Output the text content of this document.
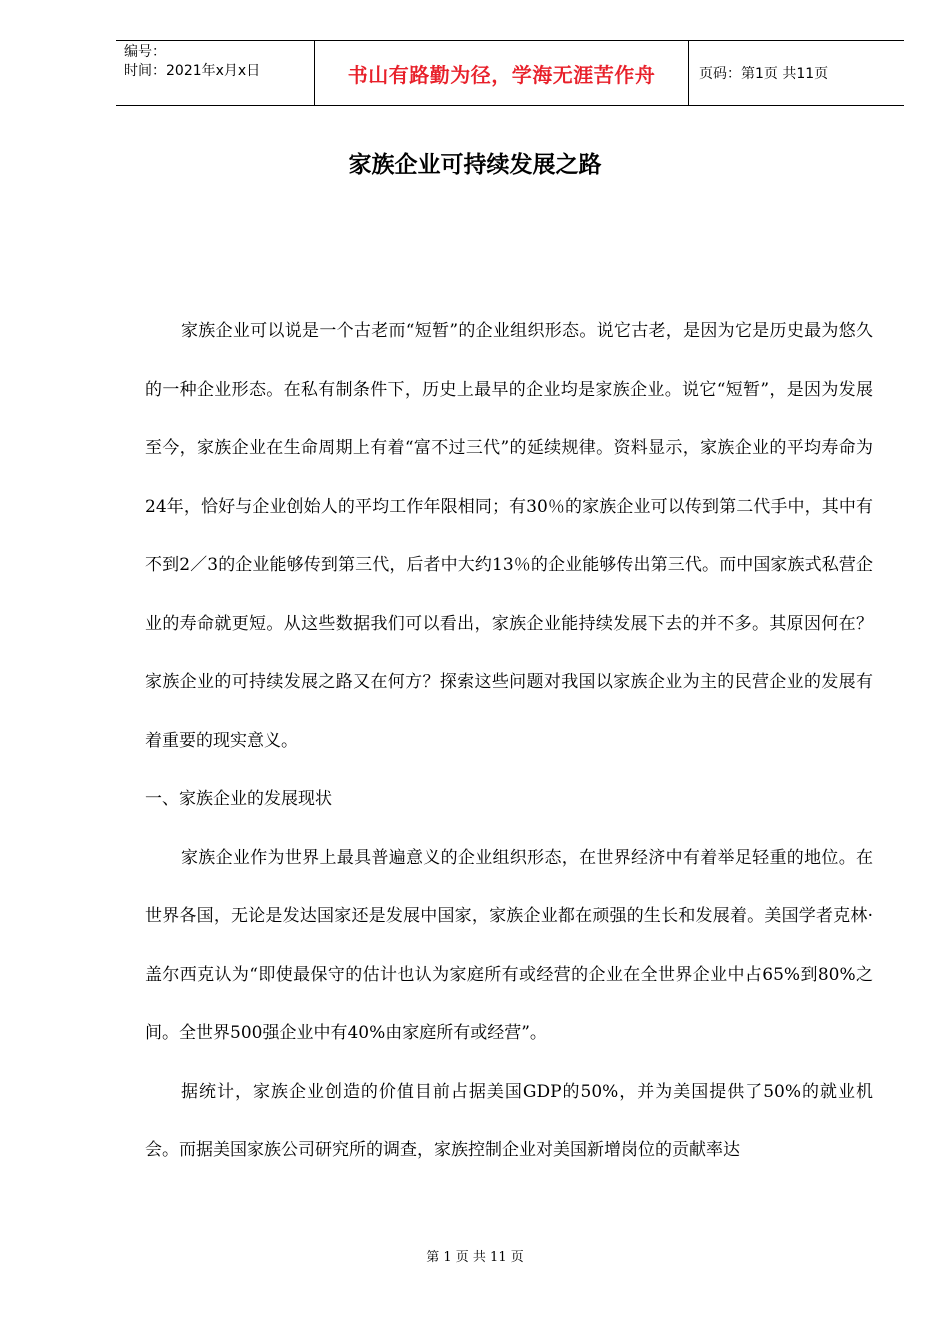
编号：
时间：2021年x月x日	书山有路勤为径，学海无涯苦作舟	页码：第1页 共11页
家族企业可持续发展之路

家族企业可以说是一个古老而“短暂”的企业组织形态。说它古老，是因为它是历史最为悠久的一种企业形态。在私有制条件下，历史上最早的企业均是家族企业。说它“短暂”，是因为发展至今，家族企业在生命周期上有着“富不过三代”的延续规律。资料显示，家族企业的平均寿命为24年，恰好与企业创始人的平均工作年限相同；有30％的家族企业可以传到第二代手中，其中有不到2／3的企业能够传到第三代，后者中大约13％的企业能够传出第三代。而中国家族式私营企业的寿命就更短。从这些数据我们可以看出，家族企业能持续发展下去的并不多。其原因何在？家族企业的可持续发展之路又在何方？探索这些问题对我国以家族企业为主的民营企业的发展有着重要的现实意义。

一、家族企业的发展现状

家族企业作为世界上最具普遍意义的企业组织形态，在世界经济中有着举足轻重的地位。在世界各国，无论是发达国家还是发展中国家，家族企业都在顽强的生长和发展着。美国学者克林·盖尔西克认为“即使最保守的估计也认为家庭所有或经营的企业在全世界企业中占65%到80%之间。全世界500强企业中有40%由家庭所有或经营”。

据统计，家族企业创造的价值目前占据美国GDP的50%，并为美国提供了50%的就业机会。而据美国家族公司研究所的调查，家族控制企业对美国新增岗位的贡献率达

第 1 页 共 11 页
